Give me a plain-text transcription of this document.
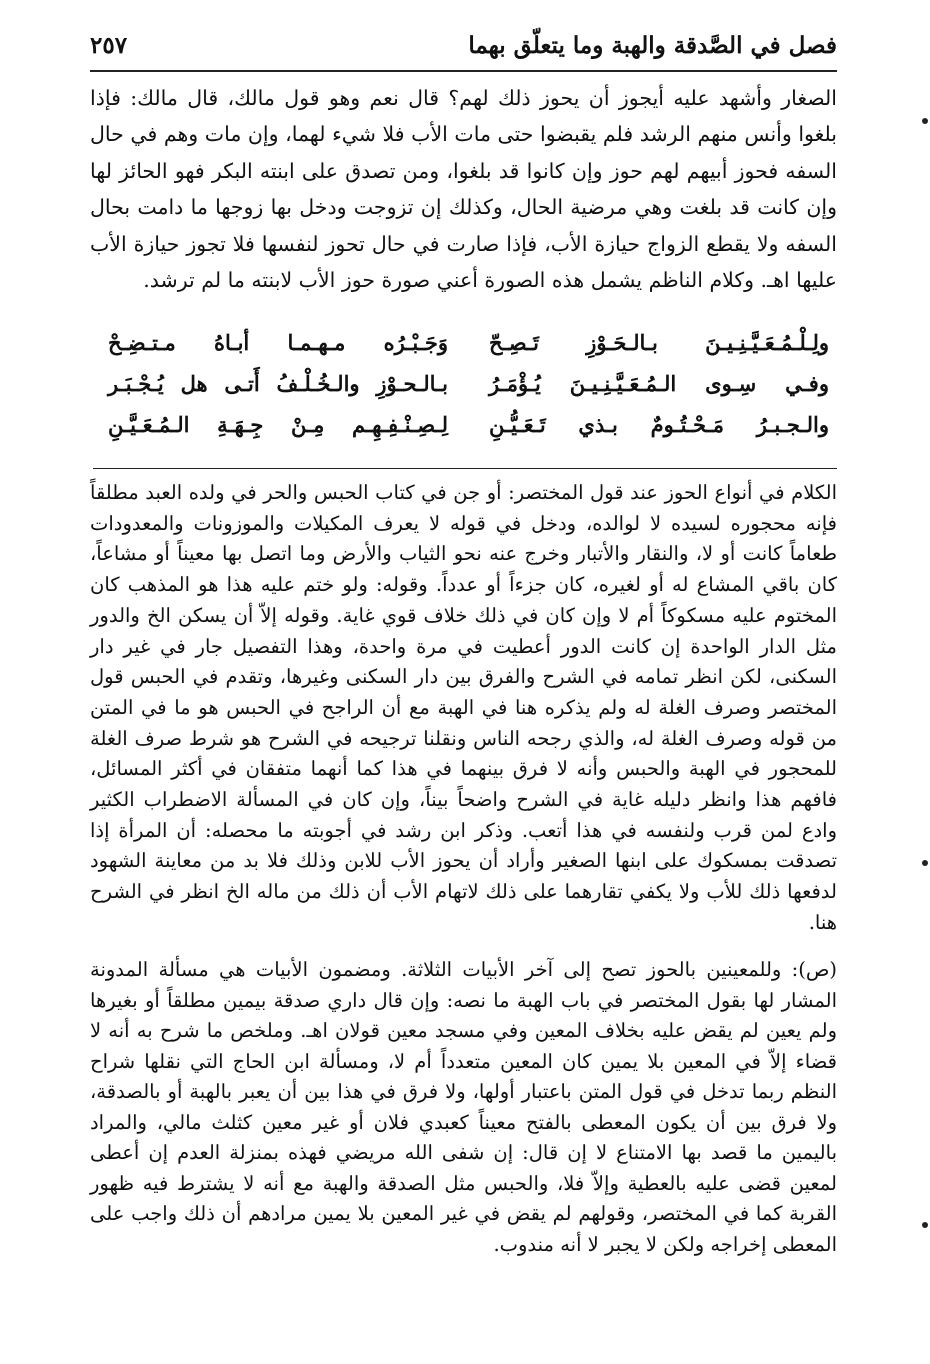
فصل في الصَّدقة والهبة وما يتعلّق بهما
٢٥٧

الصغار وأشهد عليه أيجوز أن يحوز ذلك لهم؟ قال نعم وهو قول مالك، قال مالك: فإذا بلغوا وأنس منهم الرشد فلم يقبضوا حتى مات الأب فلا شيء لهما، وإن مات وهم في حال السفه فحوز أبيهم لهم حوز وإن كانوا قد بلغوا، ومن تصدق على ابنته البكر فهو الحائز لها وإن كانت قد بلغت وهي مرضية الحال، وكذلك إن تزوجت ودخل بها زوجها ما دامت بحال السفه ولا يقطع الزواج حيازة الأب، فإذا صارت في حال تحوز لنفسها فلا تجوز حيازة الأب عليها اهـ. وكلام الناظم يشمل هذه الصورة أعني صورة حوز الأب لابنته ما لم ترشد.

ولِـلْـمُـعَـيَّـنِـيـنَ بـالـحَـوْزِ تَـصِـحّ
وَجَـبْـرُه مـهـمـا أبـاهُ مـتـضِـحْ
وفـي سِـوى الـمُـعَـيَّـنِـيـنَ يُـؤْمَـرُ
بـالـحـوْزِ والـخُـلْـفُ أَتـى هل يُـجْـبَـر
والـجـبـرُ مَـحْـتُـومٌ بـذي تَـعَـيُّـنِ
لِـصِـنْـفِـهِـم مِـنْ جِـهَـةِ الـمُـعَـيَّـنِ

الكلام في أنواع الحوز عند قول المختصر: أو جن في كتاب الحبس والحر في ولده العبد مطلقاً فإنه محجوره لسيده لا لوالده، ودخل في قوله لا يعرف المكيلات والموزونات والمعدودات طعاماً كانت أو لا، والنقار والأتبار وخرج عنه نحو الثياب والأرض وما اتصل بها معيناً أو مشاعاً، كان باقي المشاع له أو لغيره، كان جزءاً أو عدداً. وقوله: ولو ختم عليه هذا هو المذهب كان المختوم عليه مسكوكاً أم لا وإن كان في ذلك خلاف قوي غاية. وقوله إلاّ أن يسكن الخ والدور مثل الدار الواحدة إن كانت الدور أعطيت في مرة واحدة، وهذا التفصيل جار في غير دار السكنى، لكن انظر تمامه في الشرح والفرق بين دار السكنى وغيرها، وتقدم في الحبس قول المختصر وصرف الغلة له ولم يذكره هنا في الهبة مع أن الراجح في الحبس هو ما في المتن من قوله وصرف الغلة له، والذي رجحه الناس ونقلنا ترجيحه في الشرح هو شرط صرف الغلة للمحجور في الهبة والحبس وأنه لا فرق بينهما في هذا كما أنهما متفقان في أكثر المسائل، فافهم هذا وانظر دليله غاية في الشرح واضحاً بيناً، وإن كان في المسألة الاضطراب الكثير وادع لمن قرب ولنفسه في هذا أتعب. وذكر ابن رشد في أجوبته ما محصله: أن المرأة إذا تصدقت بمسكوك على ابنها الصغير وأراد أن يحوز الأب للابن وذلك فلا بد من معاينة الشهود لدفعها ذلك للأب ولا يكفي تقارهما على ذلك لاتهام الأب أن ذلك من ماله الخ انظر في الشرح هنا.

(ص): وللمعينين بالحوز تصح إلى آخر الأبيات الثلاثة. ومضمون الأبيات هي مسألة المدونة المشار لها بقول المختصر في باب الهبة ما نصه: وإن قال داري صدقة بيمين مطلقاً أو بغيرها ولم يعين لم يقض عليه بخلاف المعين وفي مسجد معين قولان اهـ. وملخص ما شرح به أنه لا قضاء إلاّ في المعين بلا يمين كان المعين متعدداً أم لا، ومسألة ابن الحاج التي نقلها شراح النظم ربما تدخل في قول المتن باعتبار أولها، ولا فرق في هذا بين أن يعبر بالهبة أو بالصدقة، ولا فرق بين أن يكون المعطى بالفتح معيناً كعبدي فلان أو غير معين كثلث مالي، والمراد باليمين ما قصد بها الامتناع لا إن قال: إن شفى الله مريضي فهذه بمنزلة العدم إن أعطى لمعين قضى عليه بالعطية وإلاّ فلا، والحبس مثل الصدقة والهبة مع أنه لا يشترط فيه ظهور القربة كما في المختصر، وقولهم لم يقض في غير المعين بلا يمين مرادهم أن ذلك واجب على المعطى إخراجه ولكن لا يجبر لا أنه مندوب.
